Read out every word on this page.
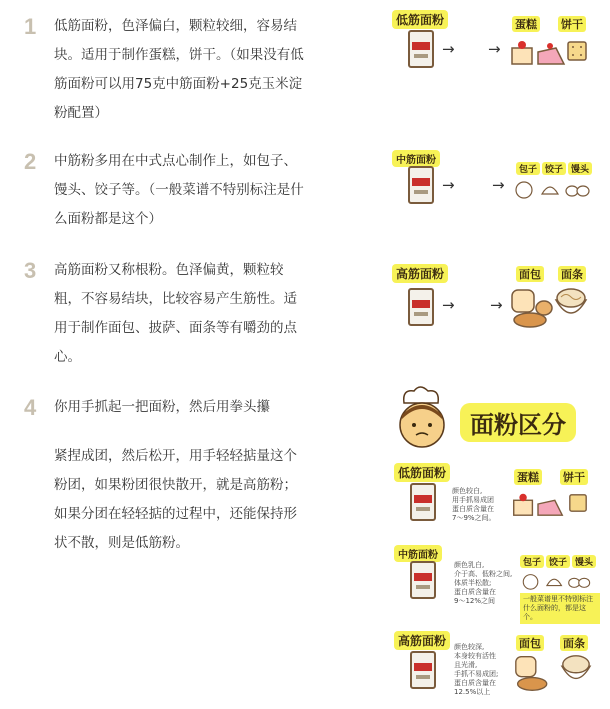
1 低筋面粉，色泽偏白，颗粒较细，容易结块。适用于制作蛋糕，饼干。（如果没有低筋面粉可以用75克中筋面粉+25克玉米淀粉配置）

2 中筋粉多用在中式点心制作上，如包子、馒头、饺子等。（一般菜谱不特别标注是什么面粉都是这个）

3 高筋面粉又称根粉。色泽偏黄，颗粒较粗，不容易结块，比较容易产生筋性。适用于制作面包、披萨、面条等有嚼劲的点心。

4 你用手抓起一把面粉，然后用拳头攥

紧捏成团，然后松开，用手轻轻掂量这个粉团，如果粉团很快散开，就是高筋粉；如果分团在轻轻掂的过程中，还能保持形状不散，则是低筋粉。

低筋面粉
→ →
蛋糕 饼干
中筋面粉
→ →
包子 饺子 馒头
高筋面粉
→ →
面包 面条
面粉区分
低筋面粉
颜色较白,
用手抓易成团
蛋白质含量在
7～9%之间。
蛋糕 饼干
中筋面粉
颜色乳白,
介于高、低粉之间,
体质半松散;
蛋白质含量在
9～12%之间
包子 饺子 馒头
一般菜谱里不特别标注
什么面粉的，都是这个。
高筋面粉	颜色较深,
本身较有活性
且光滑,
手抓不易成团;
蛋白质含量在
12.5%以上
面包 面条
